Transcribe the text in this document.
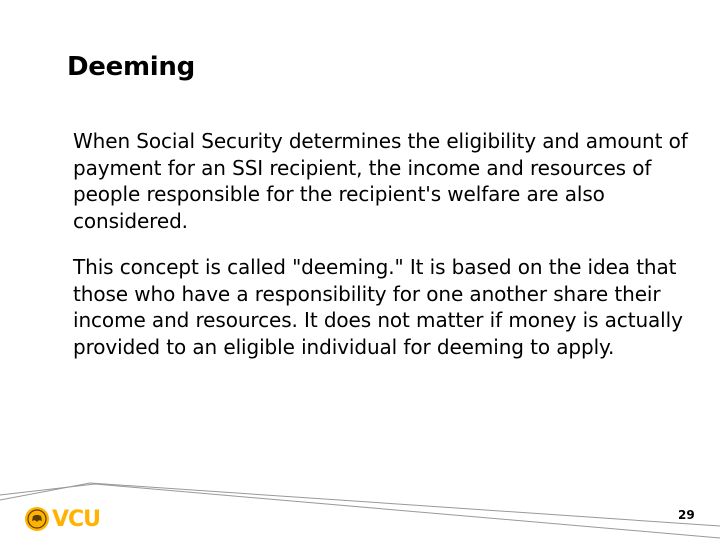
Deeming
When Social Security determines the eligibility and amount of payment for an SSI recipient, the income and resources of people responsible for the recipient's welfare are also considered.
This concept is called "deeming." It is based on the idea that those who have a responsibility for one another share their income and resources. It does not matter if money is actually provided to an eligible individual for deeming to apply.
VCU	29
